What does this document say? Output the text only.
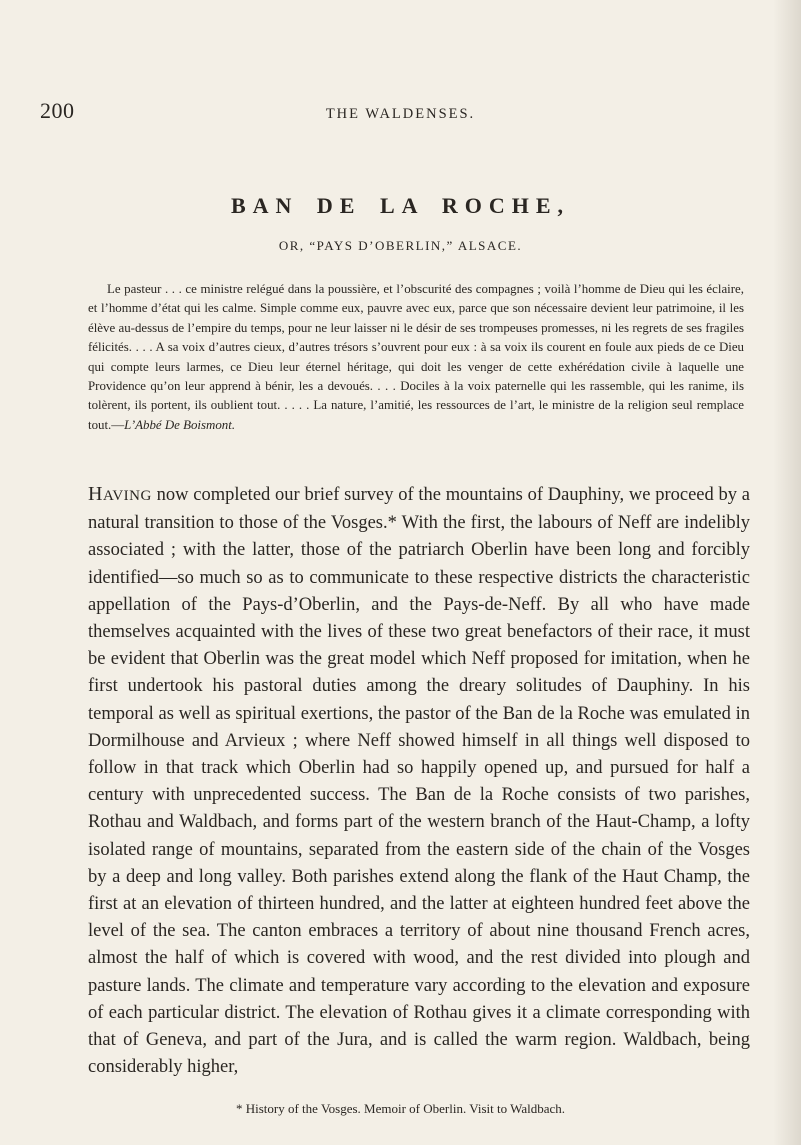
200	THE WALDENSES.
BAN DE LA ROCHE,
OR, “PAYS D’OBERLIN,” ALSACE.
Le pasteur . . . ce ministre relégué dans la poussière, et l’obscurité des compagnes ; voilà l’homme de Dieu qui les éclaire, et l’homme d’état qui les calme. Simple comme eux, pauvre avec eux, parce que son nécessaire devient leur patrimoine, il les élève au-dessus de l’empire du temps, pour ne leur laisser ni le désir de ses trompeuses promesses, ni les regrets de ses fragiles félicités. . . . A sa voix d’autres cieux, d’autres trésors s’ouvrent pour eux : à sa voix ils courent en foule aux pieds de ce Dieu qui compte leurs larmes, ce Dieu leur éternel héritage, qui doit les venger de cette exhérédation civile à laquelle une Providence qu’on leur apprend à bénir, les a devoués. . . . Dociles à la voix paternelle qui les rassemble, qui les ranime, ils tolèrent, ils portent, ils oublient tout. . . . . La nature, l’amitié, les ressources de l’art, le ministre de la religion seul remplace tout.—L’Abbé De Boismont.
HAVING now completed our brief survey of the mountains of Dauphiny, we proceed by a natural transition to those of the Vosges.* With the first, the labours of Neff are indelibly associated ; with the latter, those of the patriarch Oberlin have been long and forcibly identified—so much so as to communicate to these respective districts the characteristic appellation of the Pays-d’Oberlin, and the Pays-de-Neff. By all who have made themselves acquainted with the lives of these two great benefactors of their race, it must be evident that Oberlin was the great model which Neff proposed for imitation, when he first undertook his pastoral duties among the dreary solitudes of Dauphiny. In his temporal as well as spiritual exertions, the pastor of the Ban de la Roche was emulated in Dormilhouse and Arvieux ; where Neff showed himself in all things well disposed to follow in that track which Oberlin had so happily opened up, and pursued for half a century with unprecedented success. The Ban de la Roche consists of two parishes, Rothau and Waldbach, and forms part of the western branch of the Haut-Champ, a lofty isolated range of mountains, separated from the eastern side of the chain of the Vosges by a deep and long valley. Both parishes extend along the flank of the Haut Champ, the first at an elevation of thirteen hundred, and the latter at eighteen hundred feet above the level of the sea. The canton embraces a territory of about nine thousand French acres, almost the half of which is covered with wood, and the rest divided into plough and pasture lands. The climate and temperature vary according to the elevation and exposure of each particular district. The elevation of Rothau gives it a climate corresponding with that of Geneva, and part of the Jura, and is called the warm region. Waldbach, being considerably higher,
* History of the Vosges. Memoir of Oberlin. Visit to Waldbach.
